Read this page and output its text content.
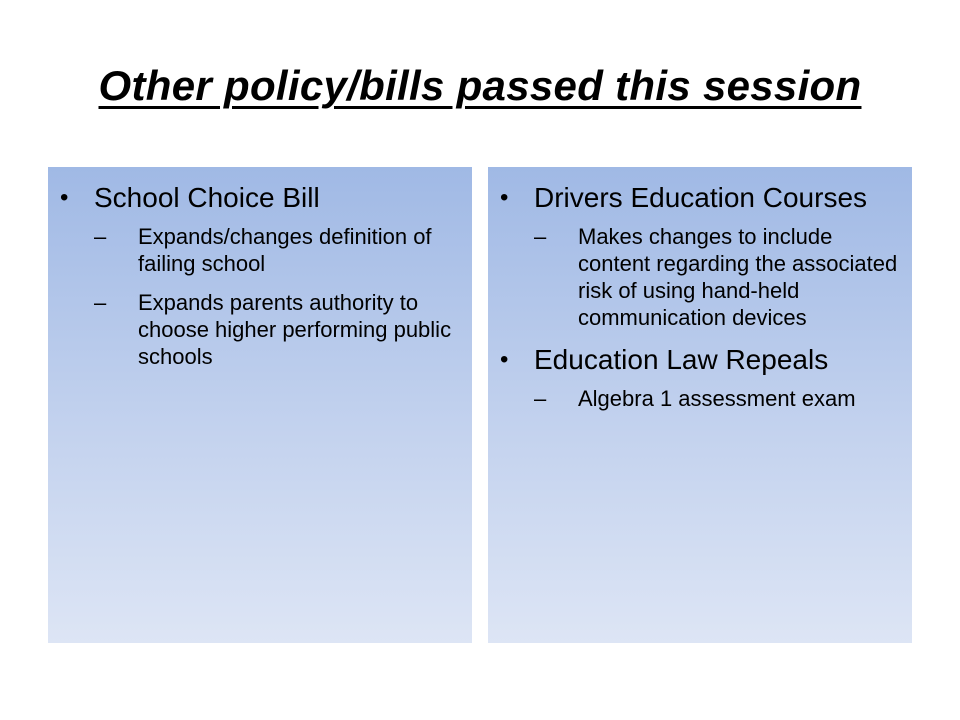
Other policy/bills passed this session
• School Choice Bill
– Expands/changes definition of failing school
– Expands parents authority to choose higher performing public schools
• Drivers Education Courses
– Makes changes to include content regarding the associated risk of using hand-held communication devices
• Education Law Repeals
– Algebra 1 assessment exam
